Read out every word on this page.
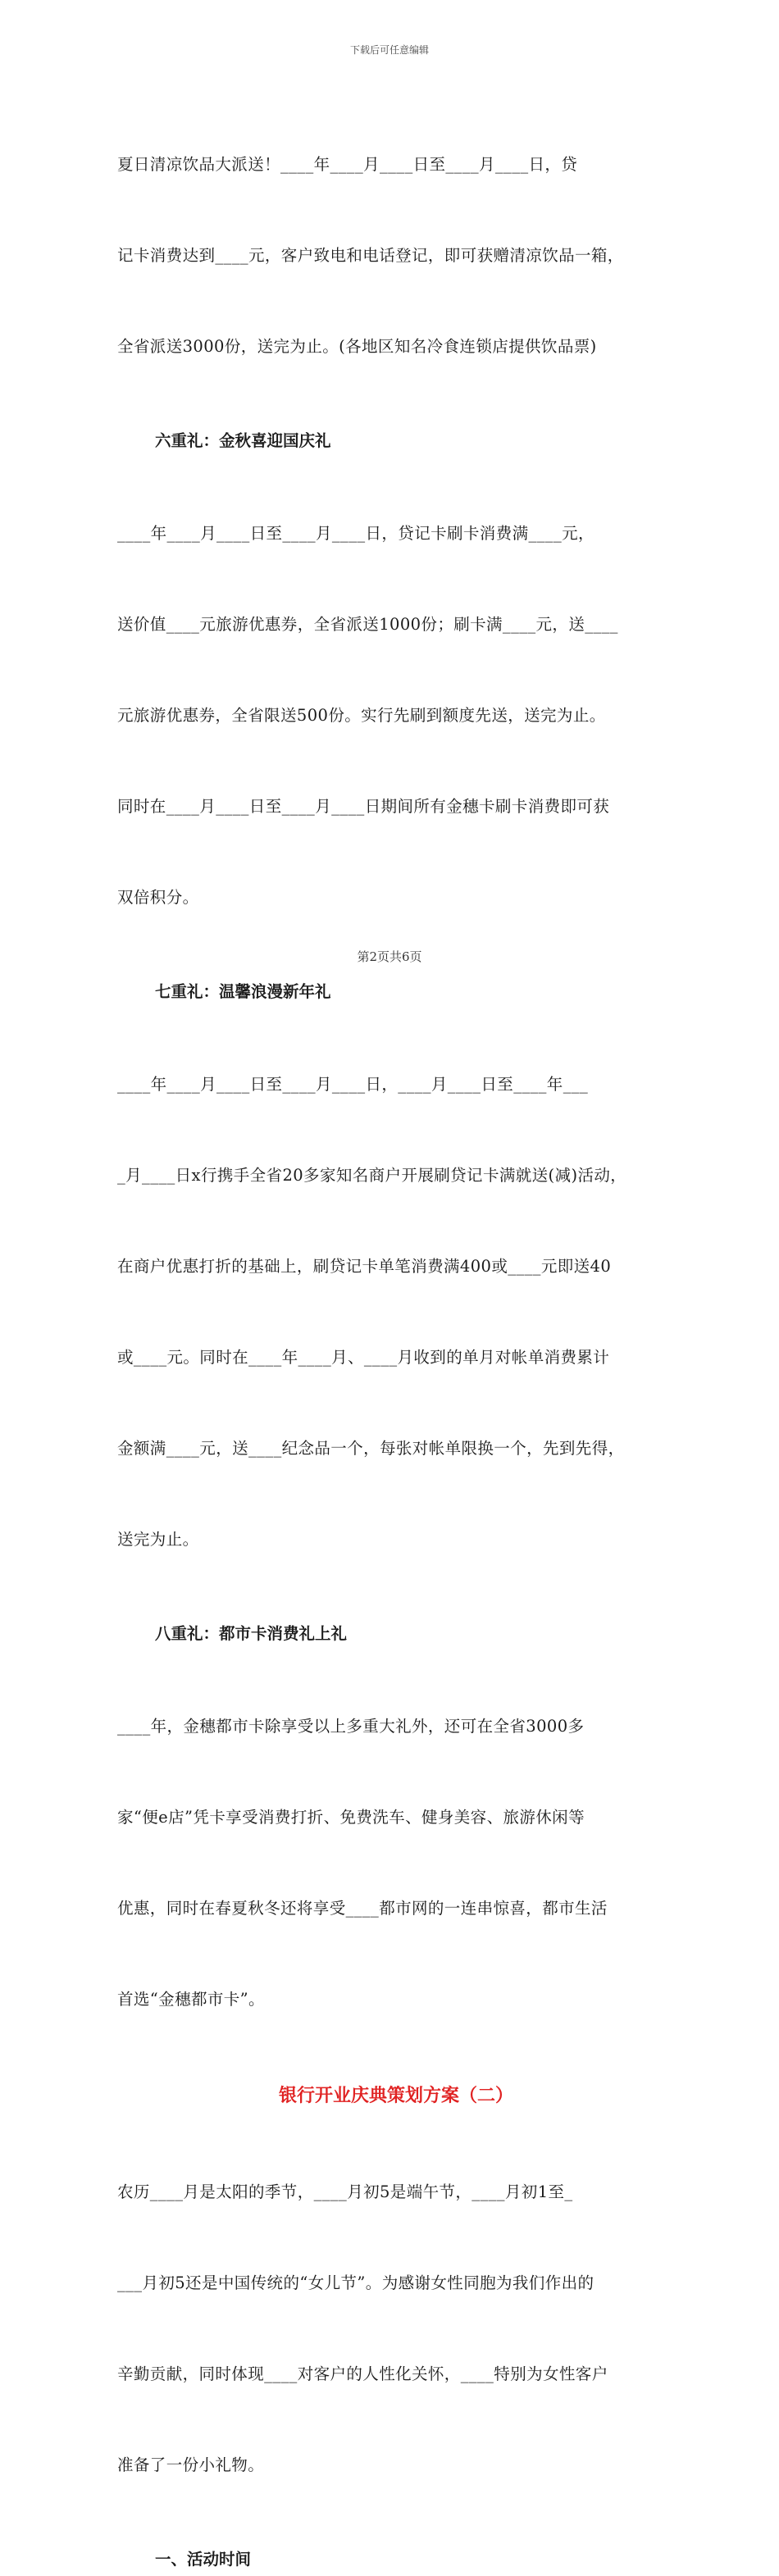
下载后可任意编辑

夏日清凉饮品大派送！____年____月____日至____月____日，贷

记卡消费达到____元，客户致电和电话登记，即可获赠清凉饮品一箱，

全省派送3000份，送完为止。(各地区知名冷食连锁店提供饮品票)

六重礼：金秋喜迎国庆礼

____年____月____日至____月____日，贷记卡刷卡消费满____元，

送价值____元旅游优惠券，全省派送1000份；刷卡满____元，送____

元旅游优惠券，全省限送500份。实行先刷到额度先送，送完为止。

同时在____月____日至____月____日期间所有金穗卡刷卡消费即可获

双倍积分。

七重礼：温馨浪漫新年礼

____年____月____日至____月____日，____月____日至____年___

_月____日x行携手全省20多家知名商户开展刷贷记卡满就送(减)活动，

在商户优惠打折的基础上，刷贷记卡单笔消费满400或____元即送40

或____元。同时在____年____月、____月收到的单月对帐单消费累计

金额满____元，送____纪念品一个，每张对帐单限换一个，先到先得，

送完为止。

八重礼：都市卡消费礼上礼

____年，金穗都市卡除享受以上多重大礼外，还可在全省3000多

家“便e店”凭卡享受消费打折、免费洗车、健身美容、旅游休闲等

优惠，同时在春夏秋冬还将享受____都市网的一连串惊喜，都市生活

首选“金穗都市卡”。

银行开业庆典策划方案（二）

农历____月是太阳的季节，____月初5是端午节，____月初1至_

___月初5还是中国传统的“女儿节”。为感谢女性同胞为我们作出的

辛勤贡献，同时体现____对客户的人性化关怀，____特别为女性客户

准备了一份小礼物。

一、活动时间
第2页共6页
